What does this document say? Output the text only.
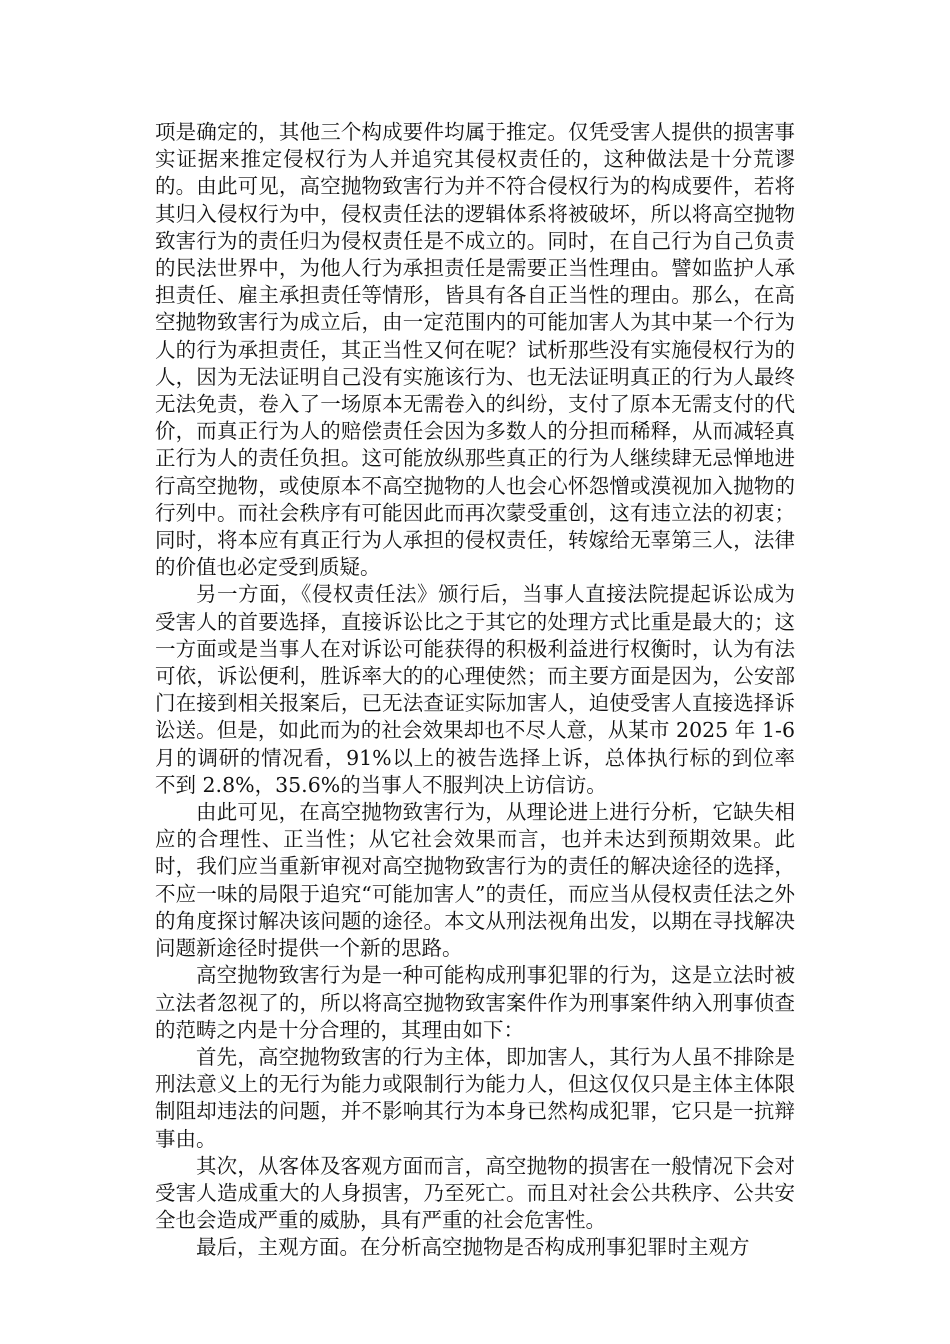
项是确定的，其他三个构成要件均属于推定。仅凭受害人提供的损害事实证据来推定侵权行为人并追究其侵权责任的，这种做法是十分荒谬的。由此可见，高空抛物致害行为并不符合侵权行为的构成要件，若将其归入侵权行为中，侵权责任法的逻辑体系将被破坏，所以将高空抛物致害行为的责任归为侵权责任是不成立的。同时，在自己行为自己负责的民法世界中，为他人行为承担责任是需要正当性理由。譬如监护人承担责任、雇主承担责任等情形，皆具有各自正当性的理由。那么，在高空抛物致害行为成立后，由一定范围内的可能加害人为其中某一个行为人的行为承担责任，其正当性又何在呢？试析那些没有实施侵权行为的人，因为无法证明自己没有实施该行为、也无法证明真正的行为人最终无法免责，卷入了一场原本无需卷入的纠纷，支付了原本无需支付的代价，而真正行为人的赔偿责任会因为多数人的分担而稀释，从而减轻真正行为人的责任负担。这可能放纵那些真正的行为人继续肆无忌惮地进行高空抛物，或使原本不高空抛物的人也会心怀怨憎或漠视加入抛物的行列中。而社会秩序有可能因此而再次蒙受重创，这有违立法的初衷；同时，将本应有真正行为人承担的侵权责任，转嫁给无辜第三人，法律的价值也必定受到质疑。

另一方面，《侵权责任法》颁行后，当事人直接法院提起诉讼成为受害人的首要选择，直接诉讼比之于其它的处理方式比重是最大的；这一方面或是当事人在对诉讼可能获得的积极利益进行权衡时，认为有法可依，诉讼便利，胜诉率大的的心理使然；而主要方面是因为，公安部门在接到相关报案后，已无法查证实际加害人，迫使受害人直接选择诉讼送。但是，如此而为的社会效果却也不尽人意，从某市 2025 年 1-6 月的调研的情况看，91%以上的被告选择上诉，总体执行标的到位率不到 2.8%，35.6%的当事人不服判决上访信访。

由此可见，在高空抛物致害行为，从理论进上进行分析，它缺失相应的合理性、正当性；从它社会效果而言，也并未达到预期效果。此时，我们应当重新审视对高空抛物致害行为的责任的解决途径的选择，不应一味的局限于追究“可能加害人”的责任，而应当从侵权责任法之外的角度探讨解决该问题的途径。本文从刑法视角出发，以期在寻找解决问题新途径时提供一个新的思路。

高空抛物致害行为是一种可能构成刑事犯罪的行为，这是立法时被立法者忽视了的，所以将高空抛物致害案件作为刑事案件纳入刑事侦查的范畴之内是十分合理的，其理由如下：

首先，高空抛物致害的行为主体，即加害人，其行为人虽不排除是刑法意义上的无行为能力或限制行为能力人，但这仅仅只是主体主体限制阻却违法的问题，并不影响其行为本身已然构成犯罪，它只是一抗辩事由。

其次，从客体及客观方面而言，高空抛物的损害在一般情况下会对受害人造成重大的人身损害，乃至死亡。而且对社会公共秩序、公共安全也会造成严重的威胁，具有严重的社会危害性。

最后，主观方面。在分析高空抛物是否构成刑事犯罪时主观方
